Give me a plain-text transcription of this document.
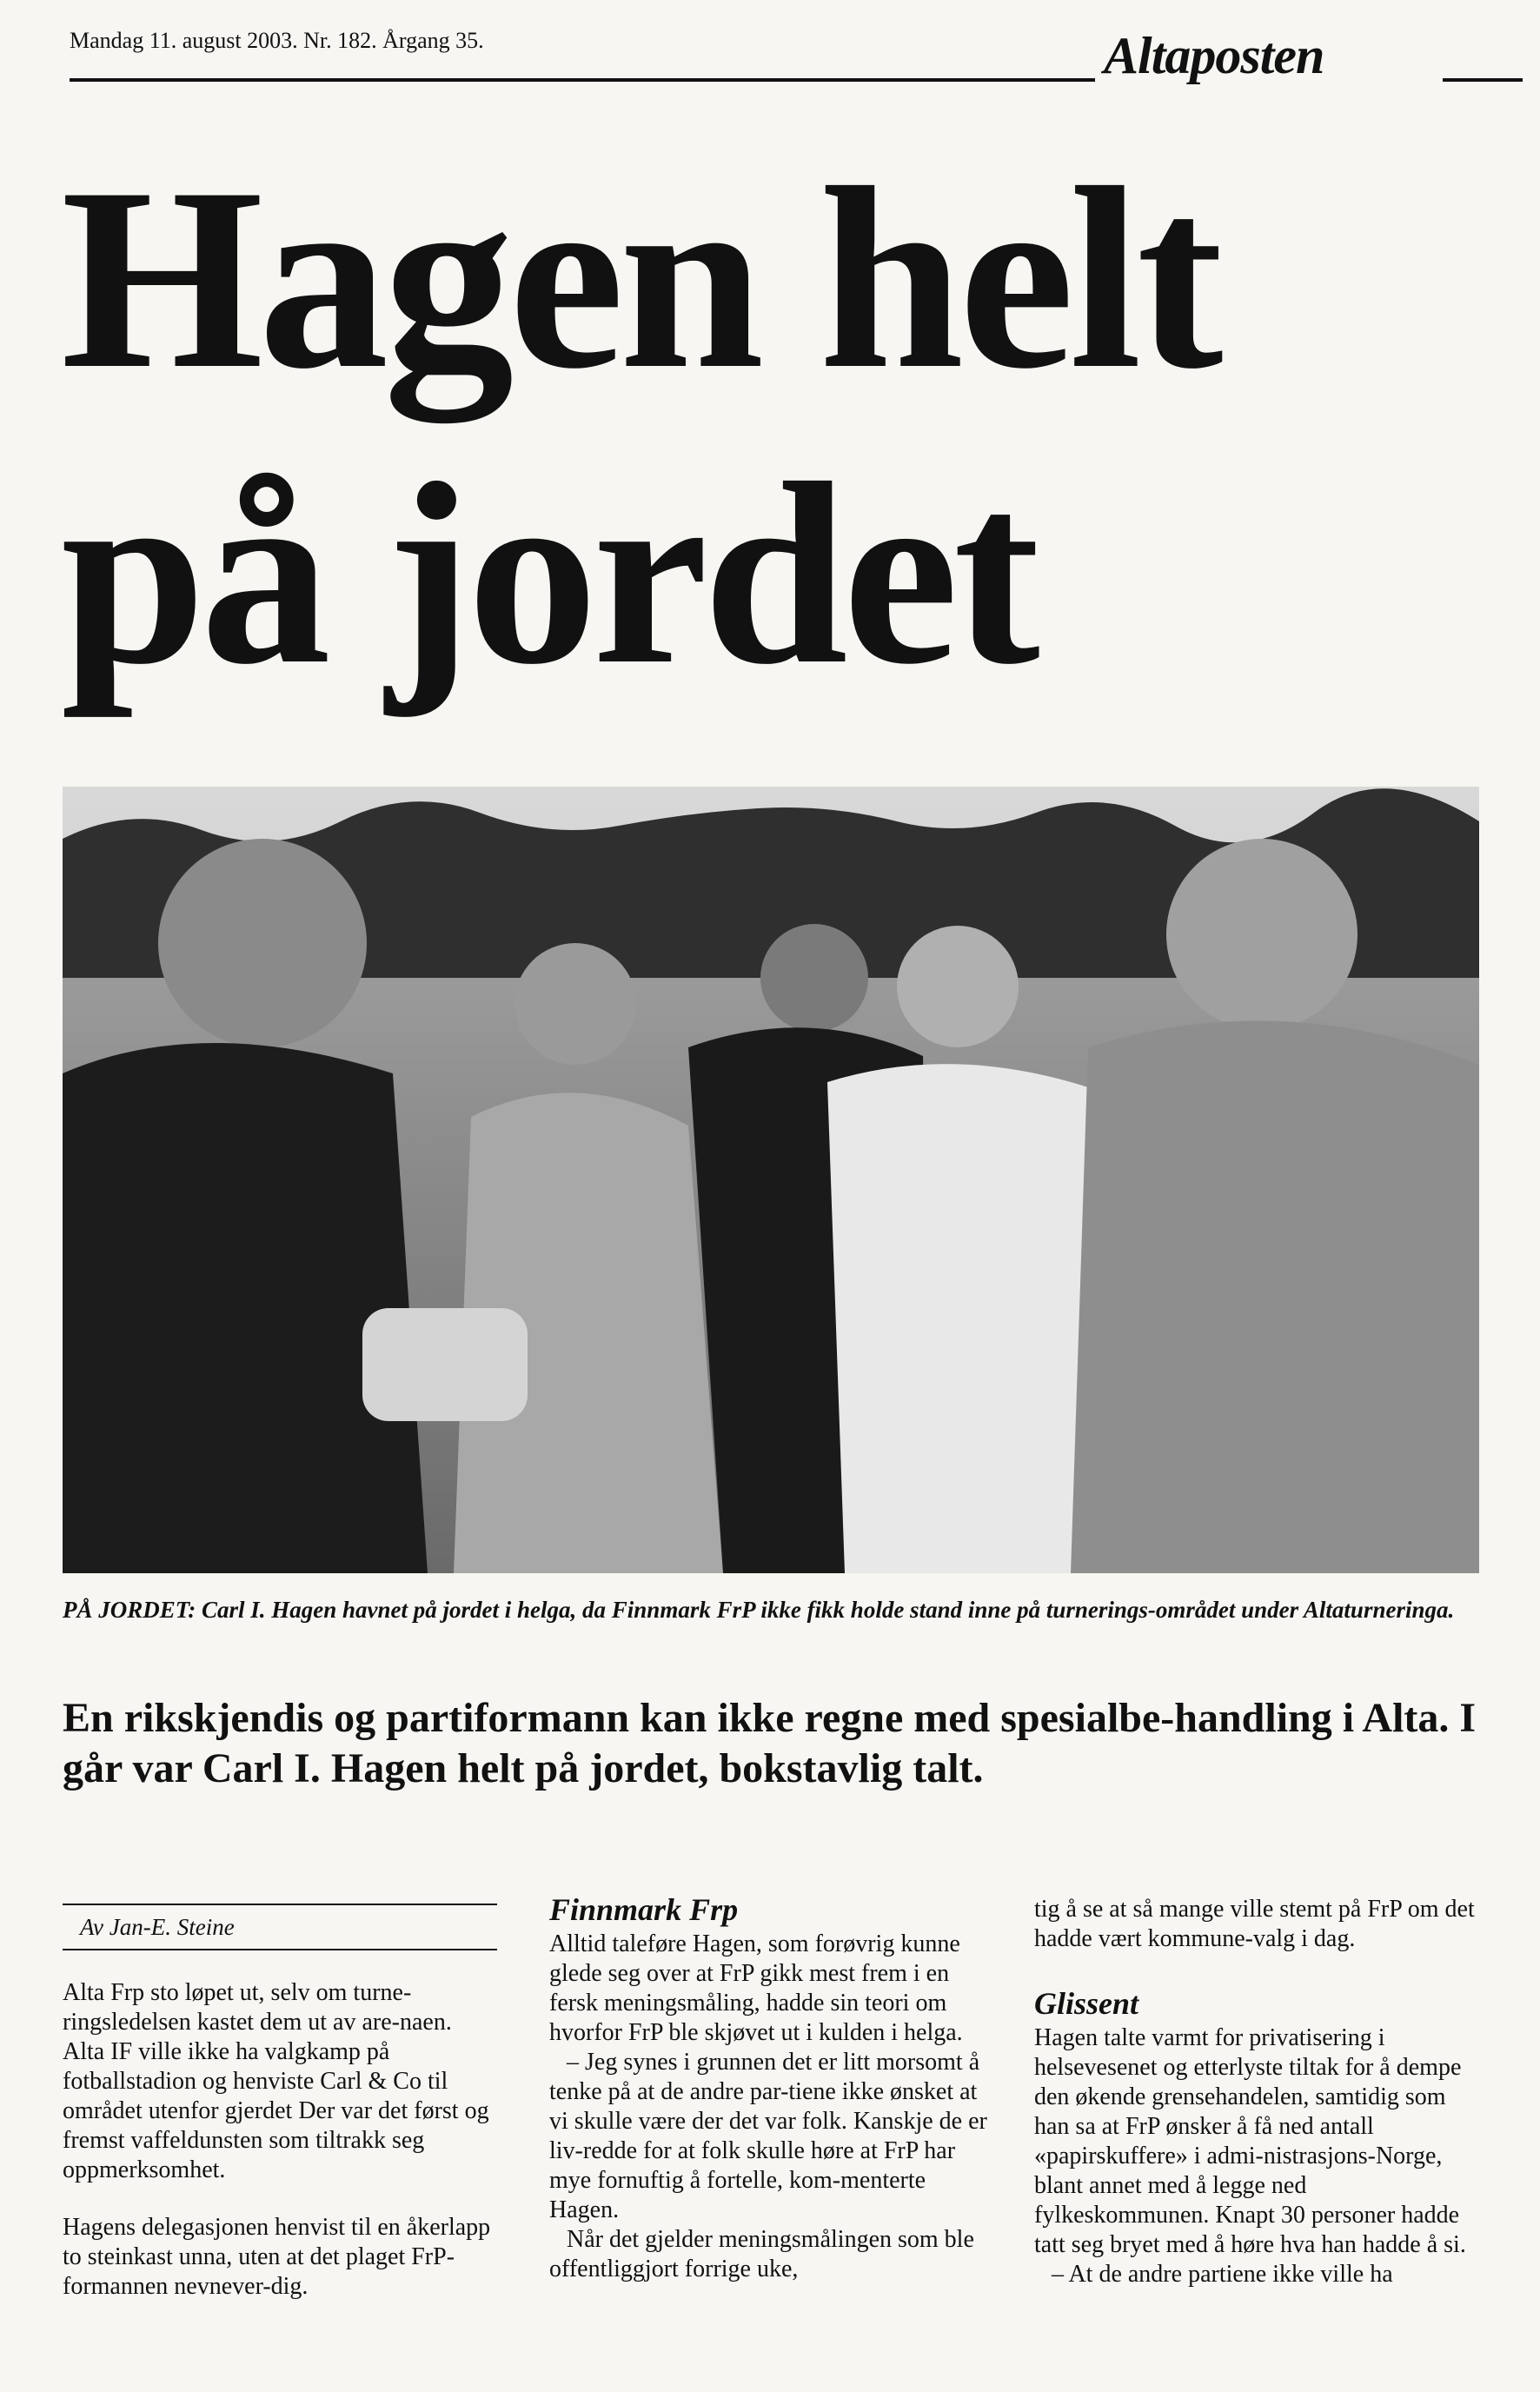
Mandag 11. august 2003. Nr. 182. Årgang 35.	Altaposten
Hagen helt
på jordet
PÅ JORDET: Carl I. Hagen havnet på jordet i helga, da Finnmark FrP ikke fikk holde stand inne på turnerings-området under Altaturneringa.
En rikskjendis og partiformann kan ikke regne med spesialbe-handling i Alta. I går var Carl I. Hagen helt på jordet, bokstavlig talt.
Av Jan-E. Steine

Alta Frp sto løpet ut, selv om turne-ringsledelsen kastet dem ut av are-naen. Alta IF ville ikke ha valgkamp på fotballstadion og henviste Carl & Co til området utenfor gjerdet Der var det først og fremst vaffeldunsten som tiltrakk seg oppmerksomhet.

Hagens delegasjonen henvist til en åkerlapp to steinkast unna, uten at det plaget FrP-formannen nevnever-dig.

Finnmark Frp

Alltid taleføre Hagen, som forøvrig kunne glede seg over at FrP gikk mest frem i en fersk meningsmåling, hadde sin teori om hvorfor FrP ble skjøvet ut i kulden i helga.

– Jeg synes i grunnen det er litt morsomt å tenke på at de andre par-tiene ikke ønsket at vi skulle være der det var folk. Kanskje de er liv-redde for at folk skulle høre at FrP har mye fornuftig å fortelle, kom-menterte Hagen.

Når det gjelder meningsmålingen som ble offentliggjort forrige uke,

tig å se at så mange ville stemt på FrP om det hadde vært kommune-valg i dag.

Glissent

Hagen talte varmt for privatisering i helsevesenet og etterlyste tiltak for å dempe den økende grensehandelen, samtidig som han sa at FrP ønsker å få ned antall «papirskuffere» i admi-nistrasjons-Norge, blant annet med å legge ned fylkeskommunen. Knapt 30 personer hadde tatt seg bryet med å høre hva han hadde å si.

– At de andre partiene ikke ville ha
